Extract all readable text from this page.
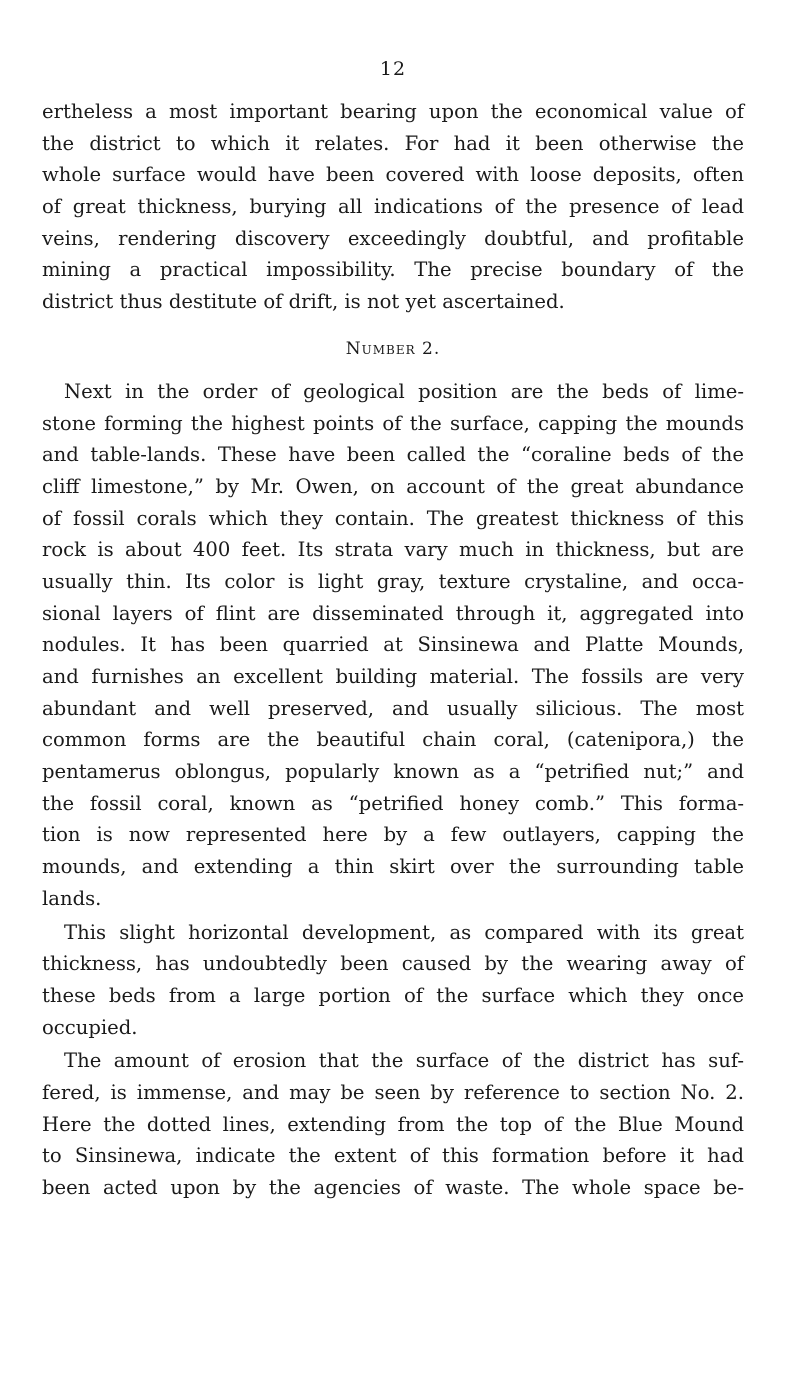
12
ertheless a most important bearing upon the economical value of
the district to which it relates. For had it been otherwise the
whole surface would have been covered with loose deposits, often
of great thickness, burying all indications of the presence of lead
veins, rendering discovery exceedingly doubtful, and profitable
mining a practical impossibility. The precise boundary of the
district thus destitute of drift, is not yet ascertained.
Number 2.
Next in the order of geological position are the beds of lime-
stone forming the highest points of the surface, capping the mounds
and table-lands. These have been called the “coraline beds of the
cliff limestone,” by Mr. Owen, on account of the great abundance
of fossil corals which they contain. The greatest thickness of this
rock is about 400 feet. Its strata vary much in thickness, but are
usually thin. Its color is light gray, texture crystaline, and occa-
sional layers of flint are disseminated through it, aggregated into
nodules. It has been quarried at Sinsinewa and Platte Mounds,
and furnishes an excellent building material. The fossils are very
abundant and well preserved, and usually silicious. The most
common forms are the beautiful chain coral, (catenipora,) the
pentamerus oblongus, popularly known as a “petrified nut;” and
the fossil coral, known as “petrified honey comb.” This forma-
tion is now represented here by a few outlayers, capping the
mounds, and extending a thin skirt over the surrounding table
lands.
This slight horizontal development, as compared with its great
thickness, has undoubtedly been caused by the wearing away of
these beds from a large portion of the surface which they once
occupied.
The amount of erosion that the surface of the district has suf-
fered, is immense, and may be seen by reference to section No. 2.
Here the dotted lines, extending from the top of the Blue Mound
to Sinsinewa, indicate the extent of this formation before it had
been acted upon by the agencies of waste. The whole space be-
